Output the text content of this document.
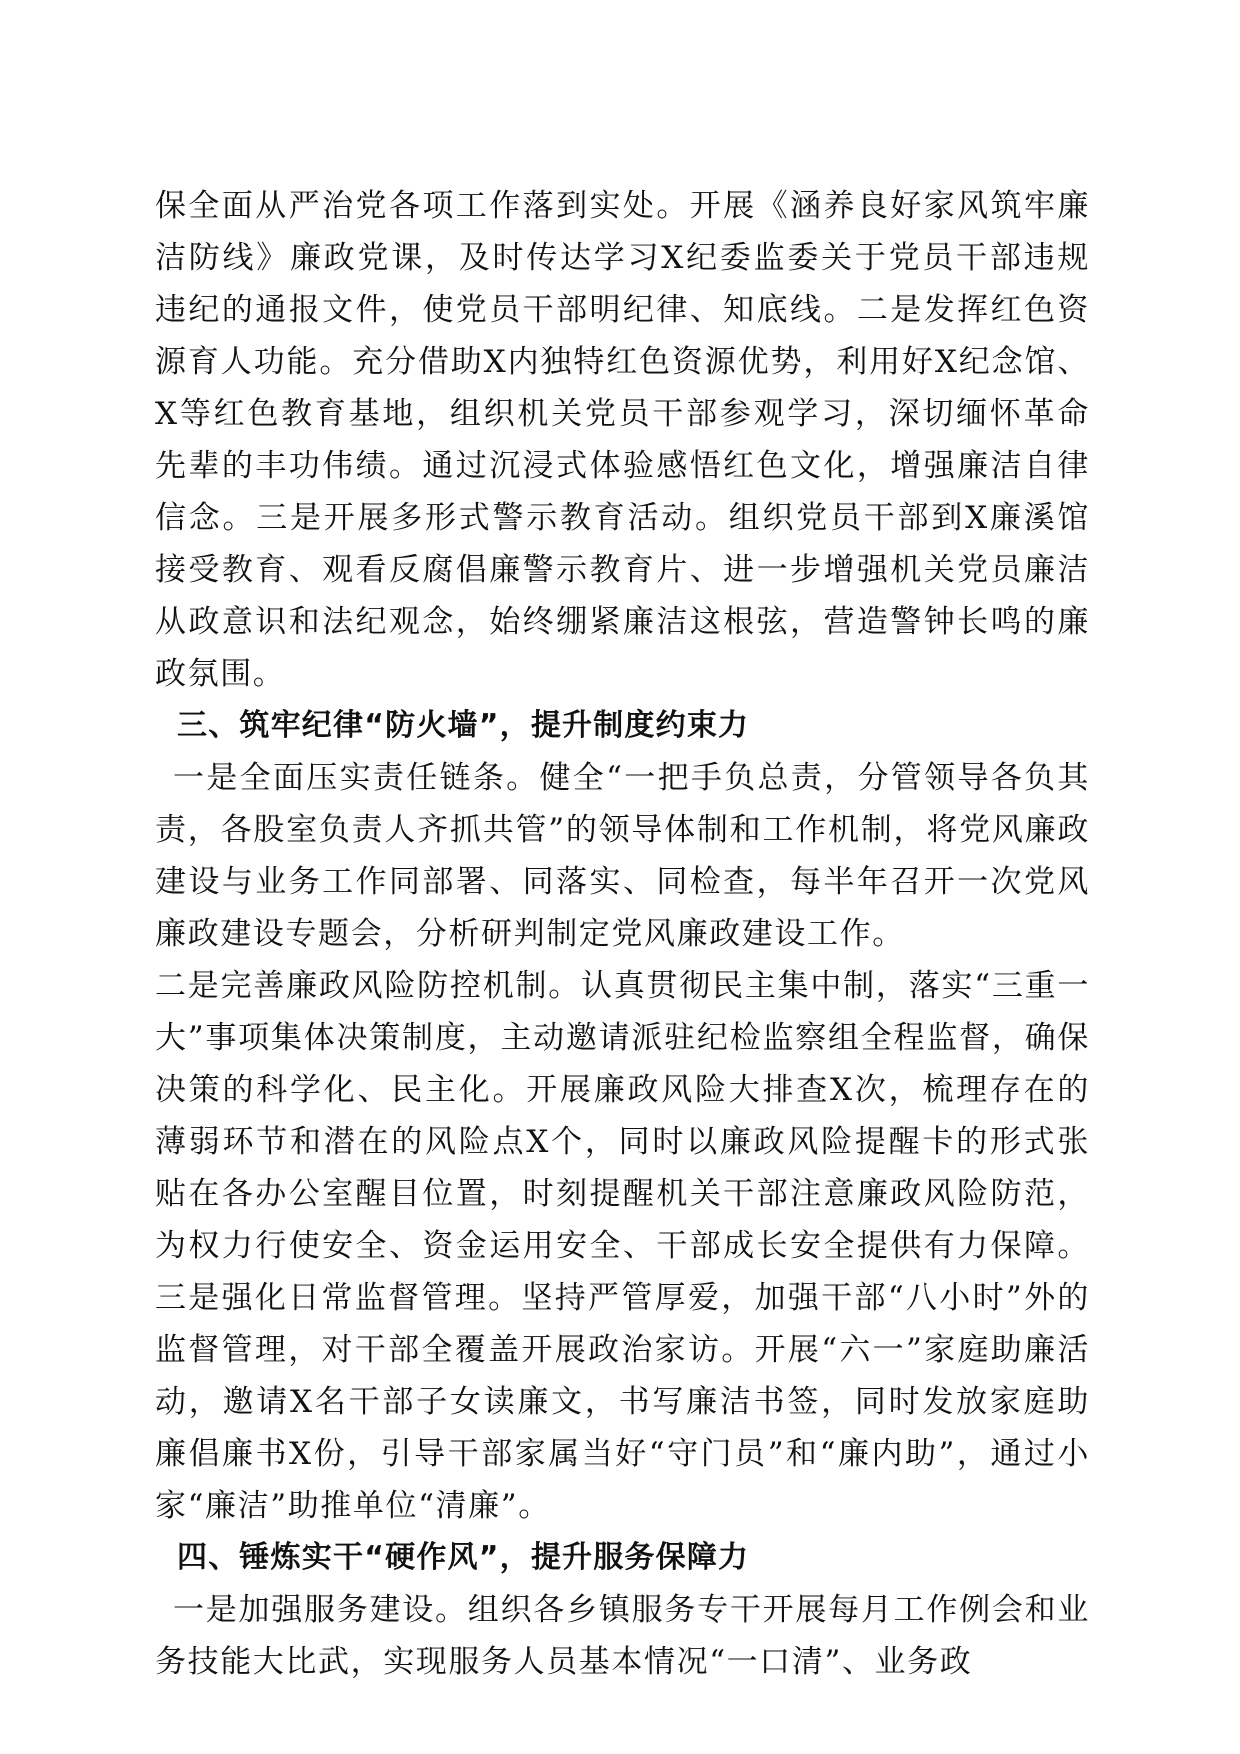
保全面从严治党各项工作落到实处。开展《涵养良好家风筑牢廉洁防线》廉政党课，及时传达学习X纪委监委关于党员干部违规违纪的通报文件，使党员干部明纪律、知底线。二是发挥红色资源育人功能。充分借助X内独特红色资源优势，利用好X纪念馆、X等红色教育基地，组织机关党员干部参观学习，深切缅怀革命先辈的丰功伟绩。通过沉浸式体验感悟红色文化，增强廉洁自律信念。三是开展多形式警示教育活动。组织党员干部到X廉溪馆接受教育、观看反腐倡廉警示教育片、进一步增强机关党员廉洁从政意识和法纪观念，始终绷紧廉洁这根弦，营造警钟长鸣的廉政氛围。

三、筑牢纪律“防火墙”，提升制度约束力

一是全面压实责任链条。健全“一把手负总责，分管领导各负其责，各股室负责人齐抓共管”的领导体制和工作机制，将党风廉政建设与业务工作同部署、同落实、同检查，每半年召开一次党风廉政建设专题会，分析研判制定党风廉政建设工作。

二是完善廉政风险防控机制。认真贯彻民主集中制，落实“三重一大”事项集体决策制度，主动邀请派驻纪检监察组全程监督，确保决策的科学化、民主化。开展廉政风险大排查X次，梳理存在的薄弱环节和潜在的风险点X个，同时以廉政风险提醒卡的形式张贴在各办公室醒目位置，时刻提醒机关干部注意廉政风险防范，为权力行使安全、资金运用安全、干部成长安全提供有力保障。三是强化日常监督管理。坚持严管厚爱，加强干部“八小时”外的监督管理，对干部全覆盖开展政治家访。开展“六一”家庭助廉活动，邀请X名干部子女读廉文，书写廉洁书签，同时发放家庭助廉倡廉书X份，引导干部家属当好“守门员”和“廉内助”，通过小家“廉洁”助推单位“清廉”。

四、锤炼实干“硬作风”，提升服务保障力

一是加强服务建设。组织各乡镇服务专干开展每月工作例会和业务技能大比武，实现服务人员基本情况“一口清”、业务政
